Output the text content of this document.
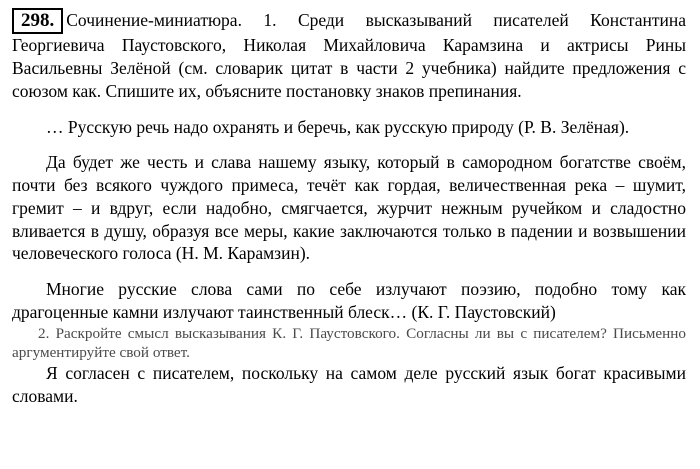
298. Сочинение-миниатюра. 1. Среди высказываний писателей Константина Георгиевича Паустовского, Николая Михайловича Карамзина и актрисы Рины Васильевны Зелёной (см. словарик цитат в части 2 учебника) найдите предложения с союзом как. Спишите их, объясните постановку знаков препинания.

… Русскую речь надо охранять и беречь, как русскую природу (Р. В. Зелёная).

Да будет же честь и слава нашему языку, который в самородном богатстве своём, почти без всякого чуждого примеса, течёт как гордая, величественная река – шумит, гремит – и вдруг, если надобно, смягчается, журчит нежным ручейком и сладостно вливается в душу, образуя все меры, какие заключаются только в падении и возвышении человеческого голоса (Н. М. Карамзин).

Многие русские слова сами по себе излучают поэзию, подобно тому как драгоценные камни излучают таинственный блеск… (К. Г. Паустовский)

2. Раскройте смысл высказывания К. Г. Паустовского. Согласны ли вы с писателем? Письменно аргументируйте свой ответ.

Я согласен с писателем, поскольку на самом деле русский язык богат красивыми словами.
